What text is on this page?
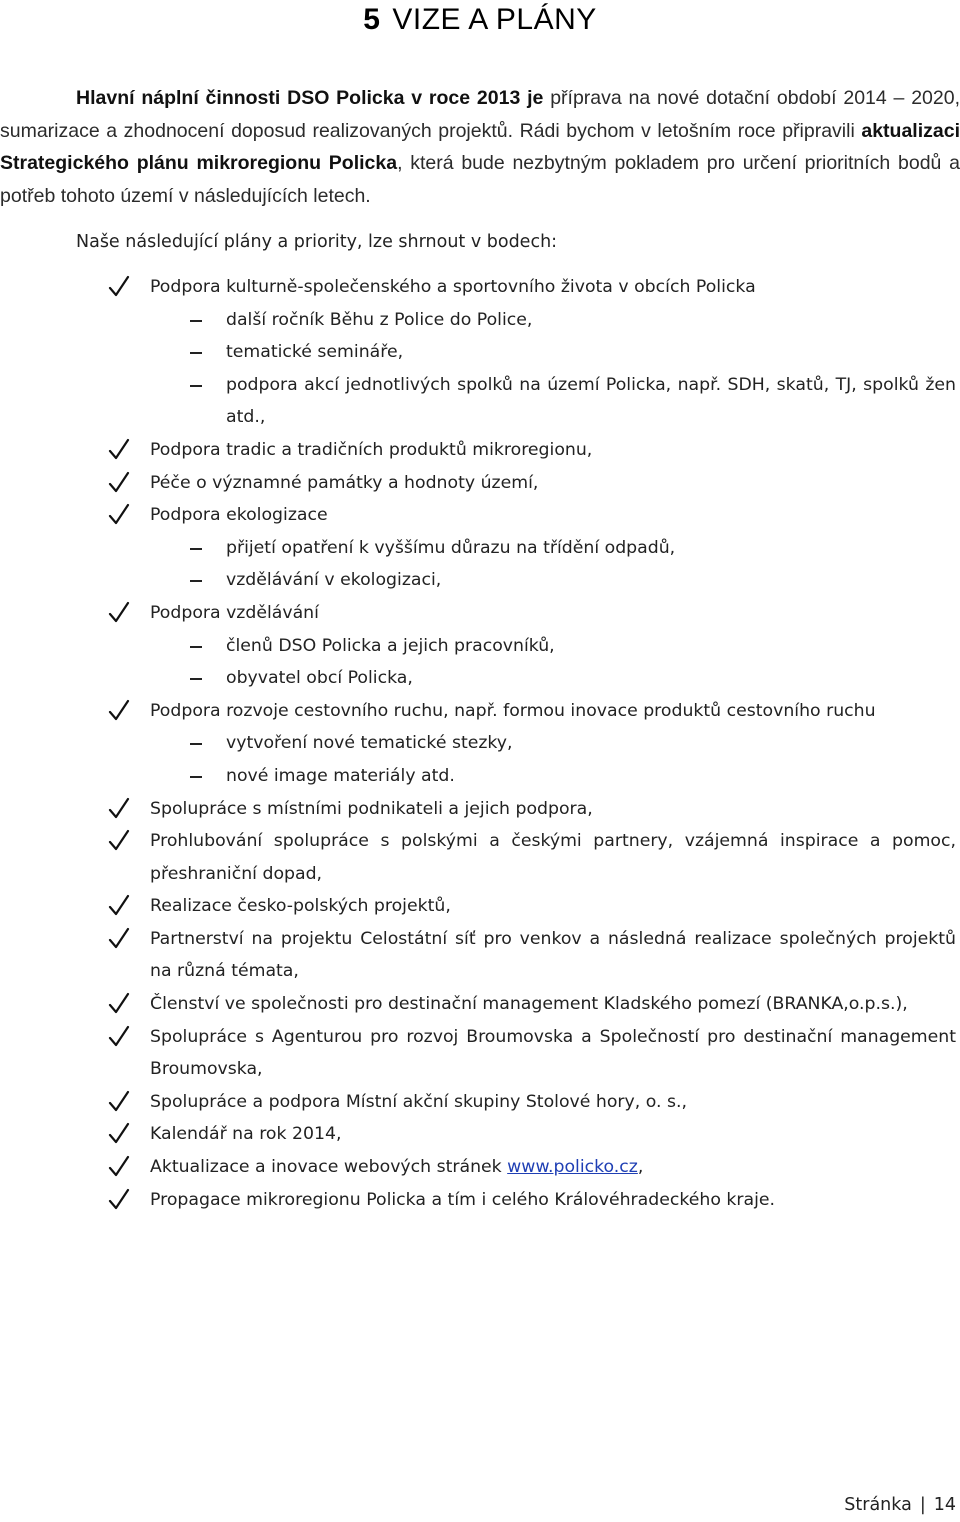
5 VIZE A PLÁNY

Hlavní náplní činnosti DSO Policka v roce 2013 je příprava na nové dotační období 2014 – 2020, sumarizace a zhodnocení doposud realizovaných projektů. Rádi bychom v letošním roce připravili aktualizaci Strategického plánu mikroregionu Policka, která bude nezbytným pokladem pro určení prioritních bodů a potřeb tohoto území v následujících letech.

Naše následující plány a priority, lze shrnout v bodech:

Podpora kulturně-společenského a sportovního života v obcích Policka
další ročník Běhu z Police do Police,
tematické semináře,
podpora akcí jednotlivých spolků na území Policka, např. SDH, skatů, TJ, spolků žen atd.,
Podpora tradic a tradičních produktů mikroregionu,
Péče o významné památky a hodnoty území,
Podpora ekologizace
přijetí opatření k vyššímu důrazu na třídění odpadů,
vzdělávání v ekologizaci,
Podpora vzdělávání
členů DSO Policka a jejich pracovníků,
obyvatel obcí Policka,
Podpora rozvoje cestovního ruchu, např. formou inovace produktů cestovního ruchu
vytvoření nové tematické stezky,
nové image materiály atd.
Spolupráce s místními podnikateli a jejich podpora,
Prohlubování spolupráce s polskými a českými partnery, vzájemná inspirace a pomoc, přeshraniční dopad,
Realizace česko-polských projektů,
Partnerství na projektu Celostátní síť pro venkov a následná realizace společných projektů na různá témata,
Členství ve společnosti pro destinační management Kladského pomezí (BRANKA,o.p.s.),
Spolupráce s Agenturou pro rozvoj Broumovska a Společností pro destinační management Broumovska,
Spolupráce a podpora Místní akční skupiny Stolové hory, o. s.,
Kalendář na rok 2014,
Aktualizace a inovace webových stránek www.policko.cz,
Propagace mikroregionu Policka a tím i celého Královéhradeckého kraje.
Stránka | 14
